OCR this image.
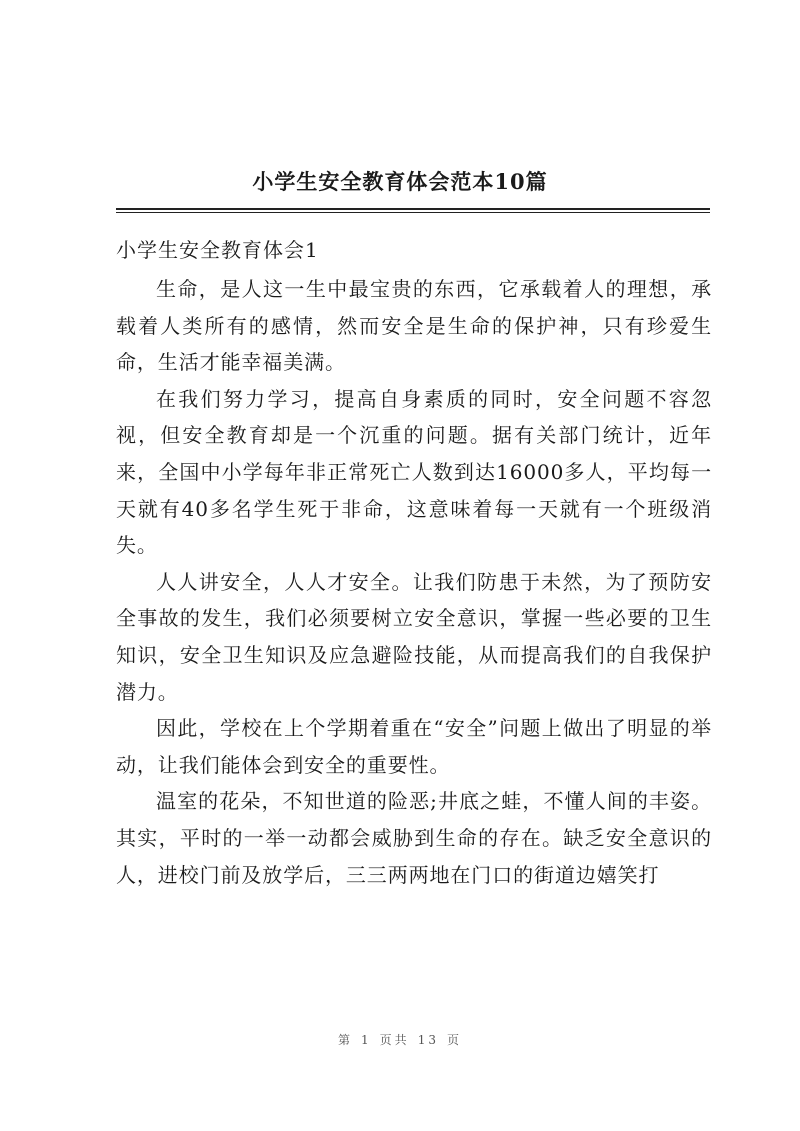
小学生安全教育体会范本10篇
小学生安全教育体会1

生命，是人这一生中最宝贵的东西，它承载着人的理想，承载着人类所有的感情，然而安全是生命的保护神，只有珍爱生命，生活才能幸福美满。

在我们努力学习，提高自身素质的同时，安全问题不容忽视，但安全教育却是一个沉重的问题。据有关部门统计，近年来，全国中小学每年非正常死亡人数到达16000多人，平均每一天就有40多名学生死于非命，这意味着每一天就有一个班级消失。

人人讲安全，人人才安全。让我们防患于未然，为了预防安全事故的发生，我们必须要树立安全意识，掌握一些必要的卫生知识，安全卫生知识及应急避险技能，从而提高我们的自我保护潜力。

因此，学校在上个学期着重在“安全”问题上做出了明显的举动，让我们能体会到安全的重要性。

温室的花朵，不知世道的险恶;井底之蛙，不懂人间的丰姿。其实，平时的一举一动都会威胁到生命的存在。缺乏安全意识的人，进校门前及放学后，三三两两地在门口的街道边嬉笑打

第 1 页共 13 页
